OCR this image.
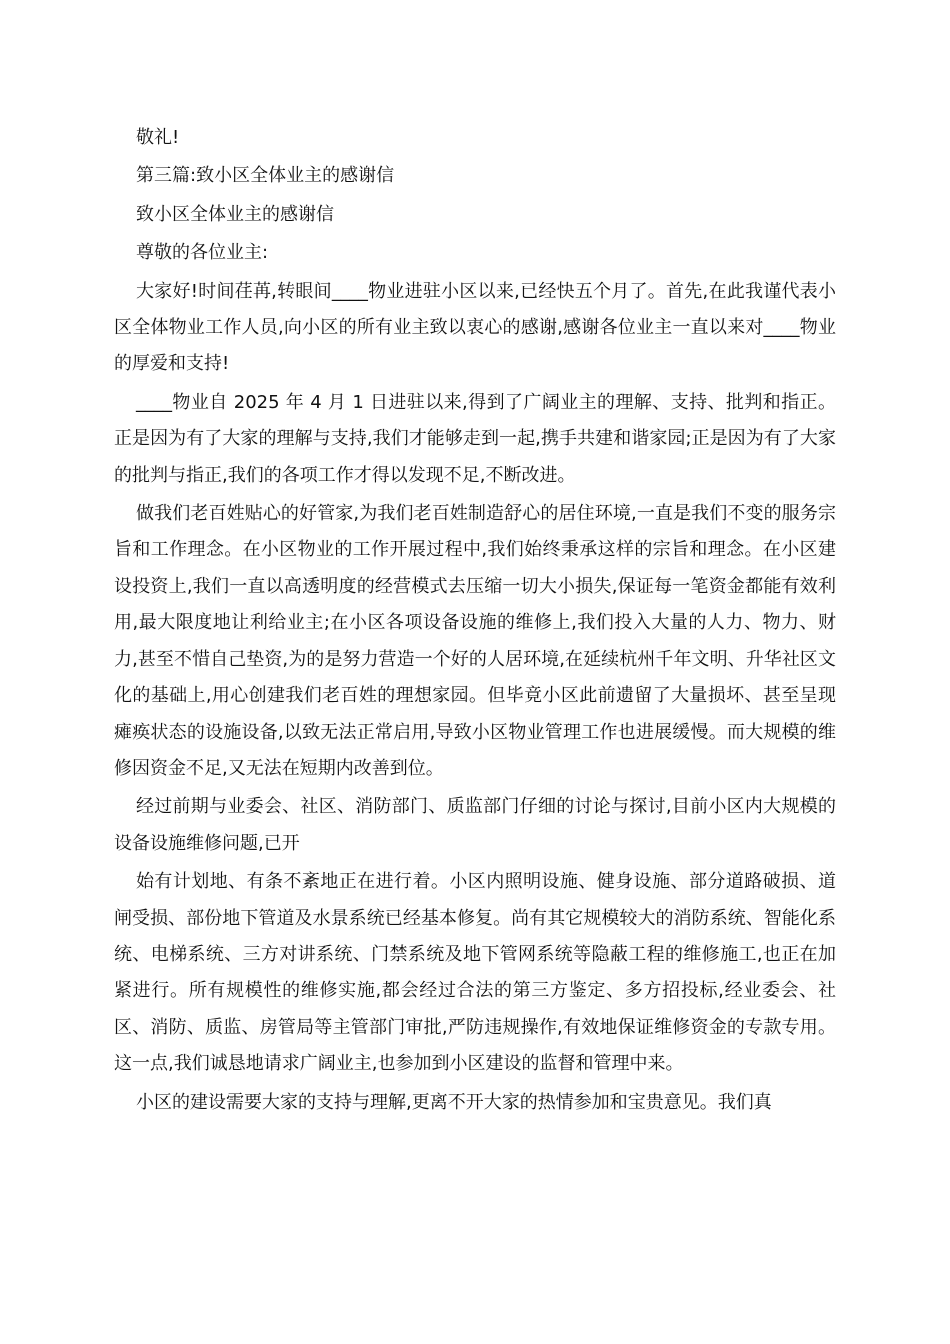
敬礼!

第三篇:致小区全体业主的感谢信

致小区全体业主的感谢信

尊敬的各位业主:

大家好!时间荏苒,转眼间____物业进驻小区以来,已经快五个月了。首先,在此我谨代表小区全体物业工作人员,向小区的所有业主致以衷心的感谢,感谢各位业主一直以来对____物业的厚爱和支持!

____物业自 2025 年 4 月 1 日进驻以来,得到了广阔业主的理解、支持、批判和指正。正是因为有了大家的理解与支持,我们才能够走到一起,携手共建和谐家园;正是因为有了大家的批判与指正,我们的各项工作才得以发现不足,不断改进。

做我们老百姓贴心的好管家,为我们老百姓制造舒心的居住环境,一直是我们不变的服务宗旨和工作理念。在小区物业的工作开展过程中,我们始终秉承这样的宗旨和理念。在小区建设投资上,我们一直以高透明度的经营模式去压缩一切大小损失,保证每一笔资金都能有效利用,最大限度地让利给业主;在小区各项设备设施的维修上,我们投入大量的人力、物力、财力,甚至不惜自己垫资,为的是努力营造一个好的人居环境,在延续杭州千年文明、升华社区文化的基础上,用心创建我们老百姓的理想家园。但毕竟小区此前遗留了大量损坏、甚至呈现瘫痪状态的设施设备,以致无法正常启用,导致小区物业管理工作也进展缓慢。而大规模的维修因资金不足,又无法在短期内改善到位。

经过前期与业委会、社区、消防部门、质监部门仔细的讨论与探讨,目前小区内大规模的设备设施维修问题,已开

始有计划地、有条不紊地正在进行着。小区内照明设施、健身设施、部分道路破损、道闸受损、部份地下管道及水景系统已经基本修复。尚有其它规模较大的消防系统、智能化系统、电梯系统、三方对讲系统、门禁系统及地下管网系统等隐蔽工程的维修施工,也正在加紧进行。所有规模性的维修实施,都会经过合法的第三方鉴定、多方招投标,经业委会、社区、消防、质监、房管局等主管部门审批,严防违规操作,有效地保证维修资金的专款专用。这一点,我们诚恳地请求广阔业主,也参加到小区建设的监督和管理中来。

小区的建设需要大家的支持与理解,更离不开大家的热情参加和宝贵意见。我们真
